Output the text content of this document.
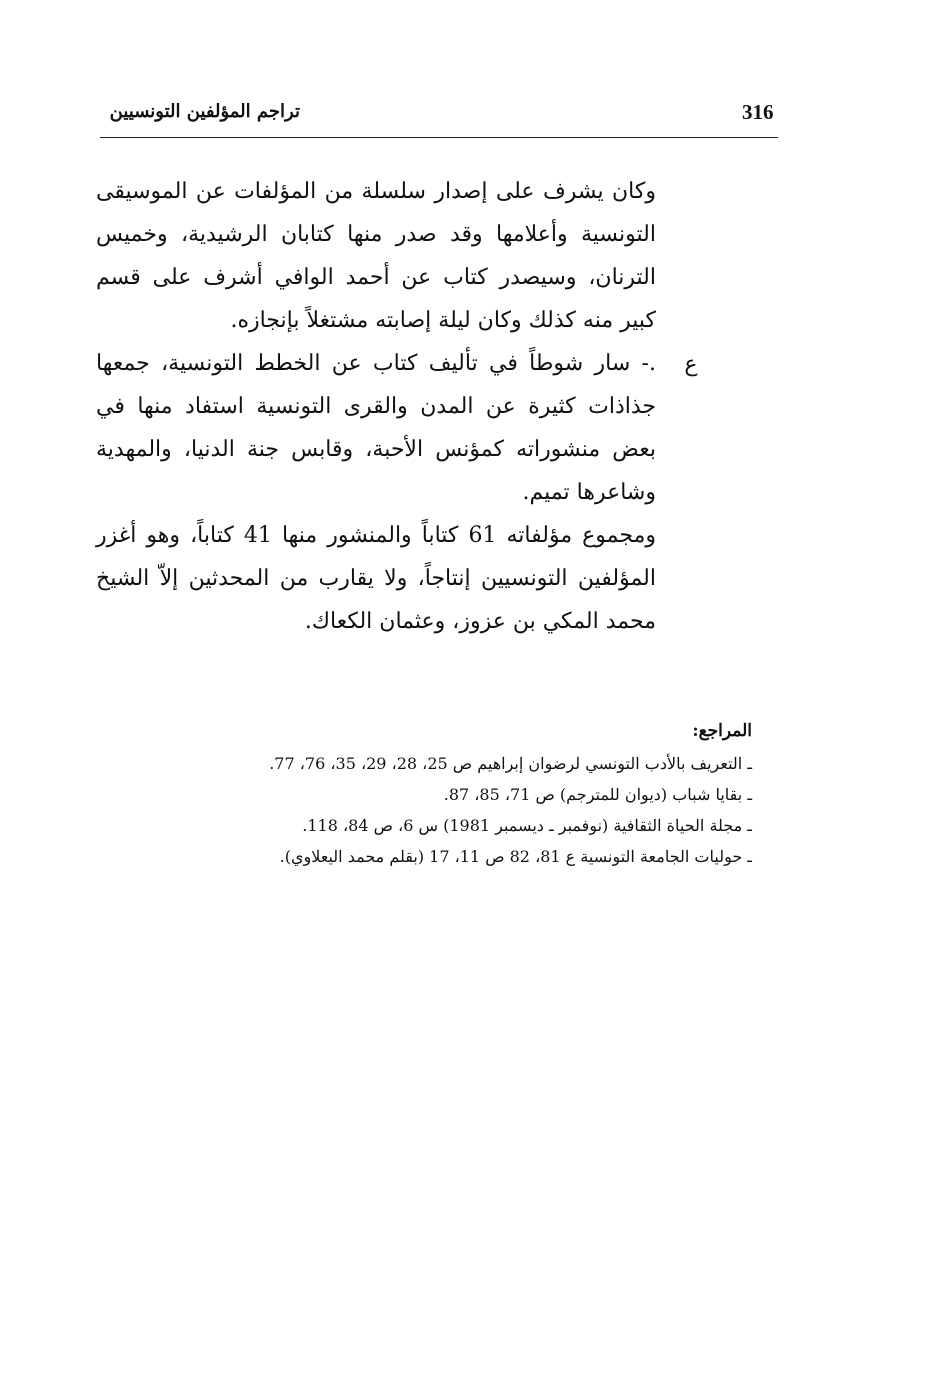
316
تراجم المؤلفين التونسيين
ع

وكان يشرف على إصدار سلسلة من المؤلفات عن الموسيقى التونسية وأعلامها وقد صدر منها كتابان الرشيدية، وخميس الترنان، وسيصدر كتاب عن أحمد الوافي أشرف على قسم كبير منه كذلك وكان ليلة إصابته مشتغلاً بإنجازه.

.- سار شوطاً في تأليف كتاب عن الخطط التونسية، جمعها جذاذات كثيرة عن المدن والقرى التونسية استفاد منها في بعض منشوراته كمؤنس الأحبة، وقابس جنة الدنيا، والمهدية وشاعرها تميم.

ومجموع مؤلفاته 61 كتاباً والمنشور منها 41 كتاباً، وهو أغزر المؤلفين التونسيين إنتاجاً، ولا يقارب من المحدثين إلاّ الشيخ محمد المكي بن عزوز، وعثمان الكعاك.

المراجع:
ـ التعريف بالأدب التونسي لرضوان إبراهيم ص 25، 28، 29، 35، 76، 77.
ـ بقايا شباب (ديوان للمترجم) ص 71، 85، 87.
ـ مجلة الحياة الثقافية (نوفمبر ـ ديسمبر 1981) س 6، ص 84، 118.
ـ حوليات الجامعة التونسية ع 81، 82 ص 11، 17 (بقلم محمد اليعلاوي).
